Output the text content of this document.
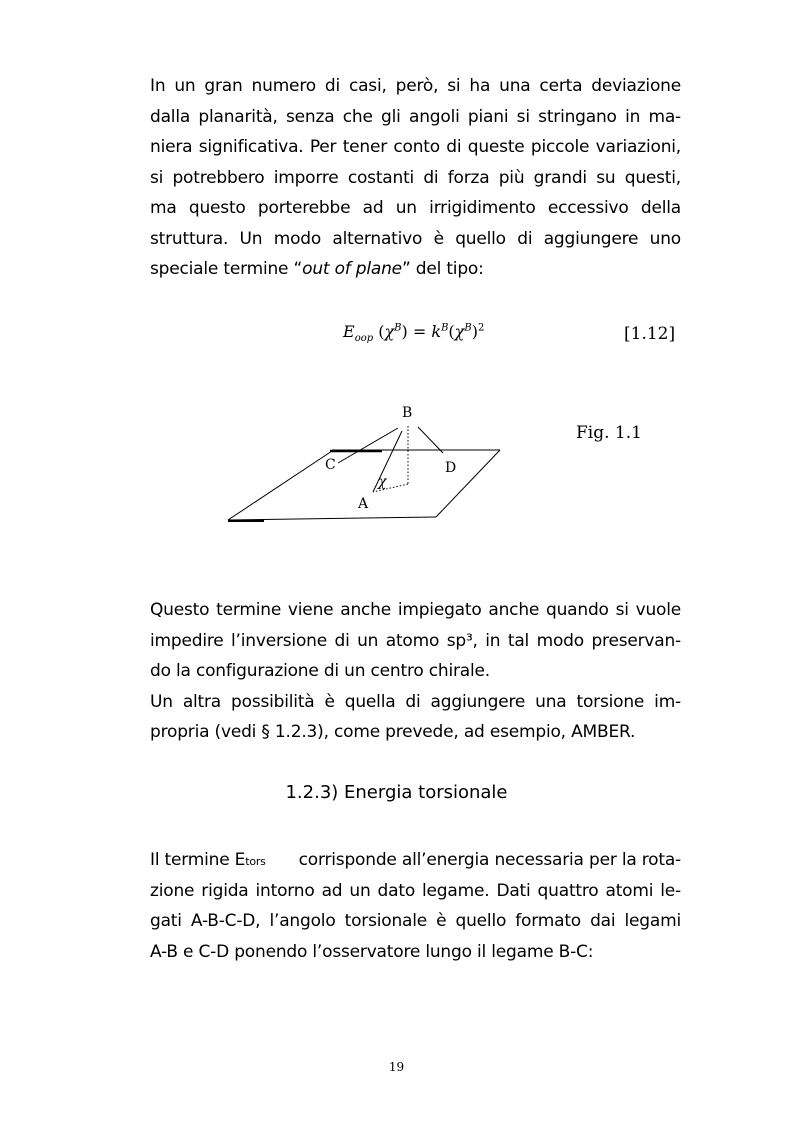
In un gran numero di casi, però, si ha una certa deviazione
dalla planarità, senza che gli angoli piani si stringano in ma-
niera significativa. Per tener conto di queste piccole variazioni,
si potrebbero imporre costanti di forza più grandi su questi,
ma questo porterebbe ad un irrigidimento eccessivo della
struttura. Un modo alternativo è quello di aggiungere uno
speciale termine “out of plane” del tipo:
$E_{oop}$ $(\chi^B) = k^B(\chi^B)^2$	[1.12]
B
C	D
A
χ
Fig. 1.1
Questo termine viene anche impiegato anche quando si vuole
impedire l’inversione di un atomo sp³, in tal modo preservan-
do la configurazione di un centro chirale.
Un altra possibilità è quella di aggiungere una torsione im-
propria (vedi § 1.2.3), come prevede, ad esempio, AMBER.
1.2.3) Energia torsionale
Il termine Etors corrisponde all’energia necessaria per la rota-
zione rigida intorno ad un dato legame. Dati quattro atomi le-
gati A-B-C-D, l’angolo torsionale è quello formato dai legami
A-B e C-D ponendo l’osservatore lungo il legame B-C:
19
